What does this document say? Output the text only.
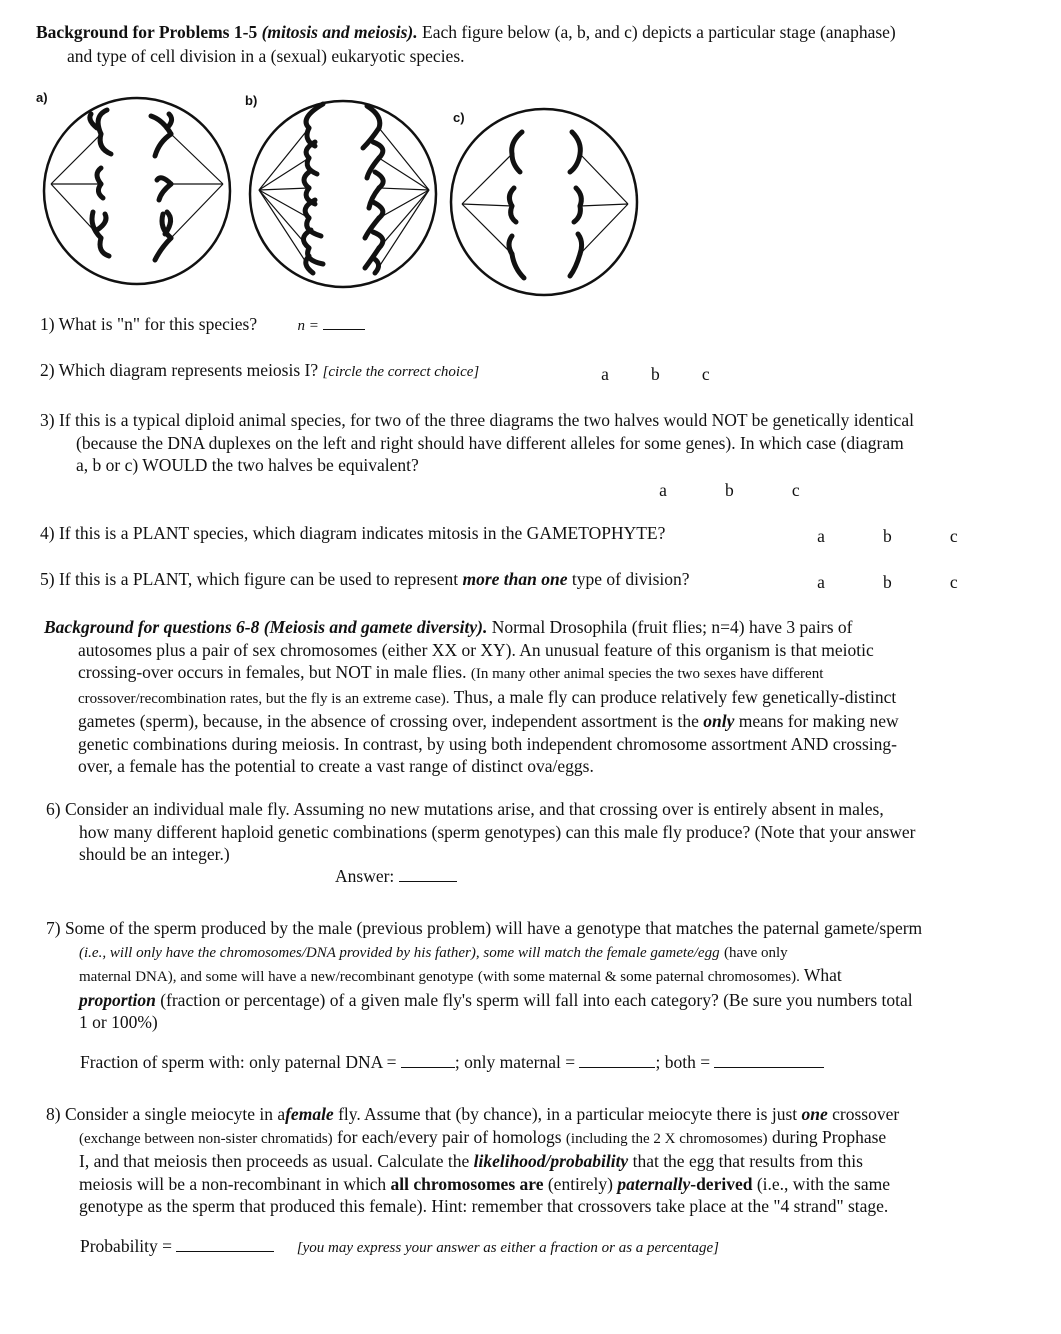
Background for Problems 1-5 (mitosis and meiosis). Each figure below (a, b, and c) depicts a particular stage (anaphase)
and type of cell division in a (sexual) eukaryotic species.
a)	b)
c)
1) What is "n" for this species?	n =
2) Which diagram represents meiosis I? [circle the correct choice]	a b c
3) If this is a typical diploid animal species, for two of the three diagrams the two halves would NOT be genetically identical
(because the DNA duplexes on the left and right should have different alleles for some genes). In which case (diagram
a, b or c) WOULD the two halves be equivalent?
a	b	c
4) If this is a PLANT species, which diagram indicates mitosis in the GAMETOPHYTE?	a	b	c
5) If this is a PLANT, which figure can be used to represent more than one type of division?	a	b	c
Background for questions 6-8 (Meiosis and gamete diversity). Normal Drosophila (fruit flies; n=4) have 3 pairs of
autosomes plus a pair of sex chromosomes (either XX or XY). An unusual feature of this organism is that meiotic
crossing-over occurs in females, but NOT in male flies. (In many other animal species the two sexes have different
crossover/recombination rates, but the fly is an extreme case). Thus, a male fly can produce relatively few genetically-distinct
gametes (sperm), because, in the absence of crossing over, independent assortment is the only means for making new
genetic combinations during meiosis. In contrast, by using both independent chromosome assortment AND crossing-
over, a female has the potential to create a vast range of distinct ova/eggs.
6) Consider an individual male fly. Assuming no new mutations arise, and that crossing over is entirely absent in males,
how many different haploid genetic combinations (sperm genotypes) can this male fly produce? (Note that your answer
should be an integer.)
Answer:
7) Some of the sperm produced by the male (previous problem) will have a genotype that matches the paternal gamete/sperm
(i.e., will only have the chromosomes/DNA provided by his father), some will match the female gamete/egg (have only
maternal DNA), and some will have a new/recombinant genotype (with some maternal & some paternal chromosomes). What
proportion (fraction or percentage) of a given male fly's sperm will fall into each category? (Be sure you numbers total
1 or 100%)
Fraction of sperm with: only paternal DNA =	; only maternal =	; both =
8) Consider a single meiocyte in afemale fly. Assume that (by chance), in a particular meiocyte there is just one crossover
(exchange between non-sister chromatids) for each/every pair of homologs (including the 2 X chromosomes) during Prophase
I, and that meiosis then proceeds as usual. Calculate the likelihood/probability that the egg that results from this
meiosis will be a non-recombinant in which all chromosomes are (entirely) paternally-derived (i.e., with the same
genotype as the sperm that produced this female). Hint: remember that crossovers take place at the "4 strand" stage.
Probability =	[you may express your answer as either a fraction or as a percentage]
